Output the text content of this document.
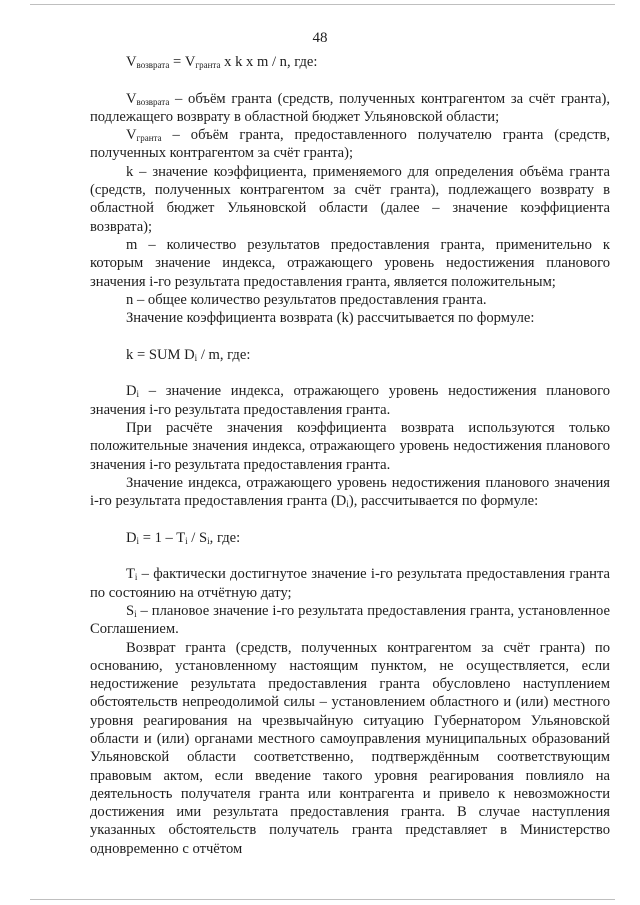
48

$V_{возврата} = V_{гранта}$ x k x m / n, где:

$V_{возврата}$ – объём гранта (средств, полученных контрагентом за счёт гранта), подлежащего возврату в областной бюджет Ульяновской области;

$V_{гранта}$ – объём гранта, предоставленного получателю гранта (средств, полученных контрагентом за счёт гранта);

k – значение коэффициента, применяемого для определения объёма гранта (средств, полученных контрагентом за счёт гранта), подлежащего возврату в областной бюджет Ульяновской области (далее – значение коэффициента возврата);

m – количество результатов предоставления гранта, применительно к которым значение индекса, отражающего уровень недостижения планового значения i-го результата предоставления гранта, является положительным;

n – общее количество результатов предоставления гранта.

Значение коэффициента возврата (k) рассчитывается по формуле:

k = SUM $D_i$ / m, где:

$D_i$ – значение индекса, отражающего уровень недостижения планового значения i-го результата предоставления гранта.

При расчёте значения коэффициента возврата используются только положительные значения индекса, отражающего уровень недостижения планового значения i-го результата предоставления гранта.

Значение индекса, отражающего уровень недостижения планового значения i-го результата предоставления гранта $(D_i)$, рассчитывается по формуле:

$D_i = 1 - T_i / S_i$, где:

$T_i$ – фактически достигнутое значение i-го результата предоставления гранта по состоянию на отчётную дату;

$S_i$ – плановое значение i-го результата предоставления гранта, установленное Соглашением.

Возврат гранта (средств, полученных контрагентом за счёт гранта) по основанию, установленному настоящим пунктом, не осуществляется, если недостижение результата предоставления гранта обусловлено наступлением обстоятельств непреодолимой силы – установлением областного и (или) местного уровня реагирования на чрезвычайную ситуацию Губернатором Ульяновской области и (или) органами местного самоуправления муниципальных образований Ульяновской области соответственно, подтверждённым соответствующим правовым актом, если введение такого уровня реагирования повлияло на деятельность получателя гранта или контрагента и привело к невозможности достижения ими результата предоставления гранта. В случае наступления указанных обстоятельств получатель гранта представляет в Министерство одновременно с отчётом
